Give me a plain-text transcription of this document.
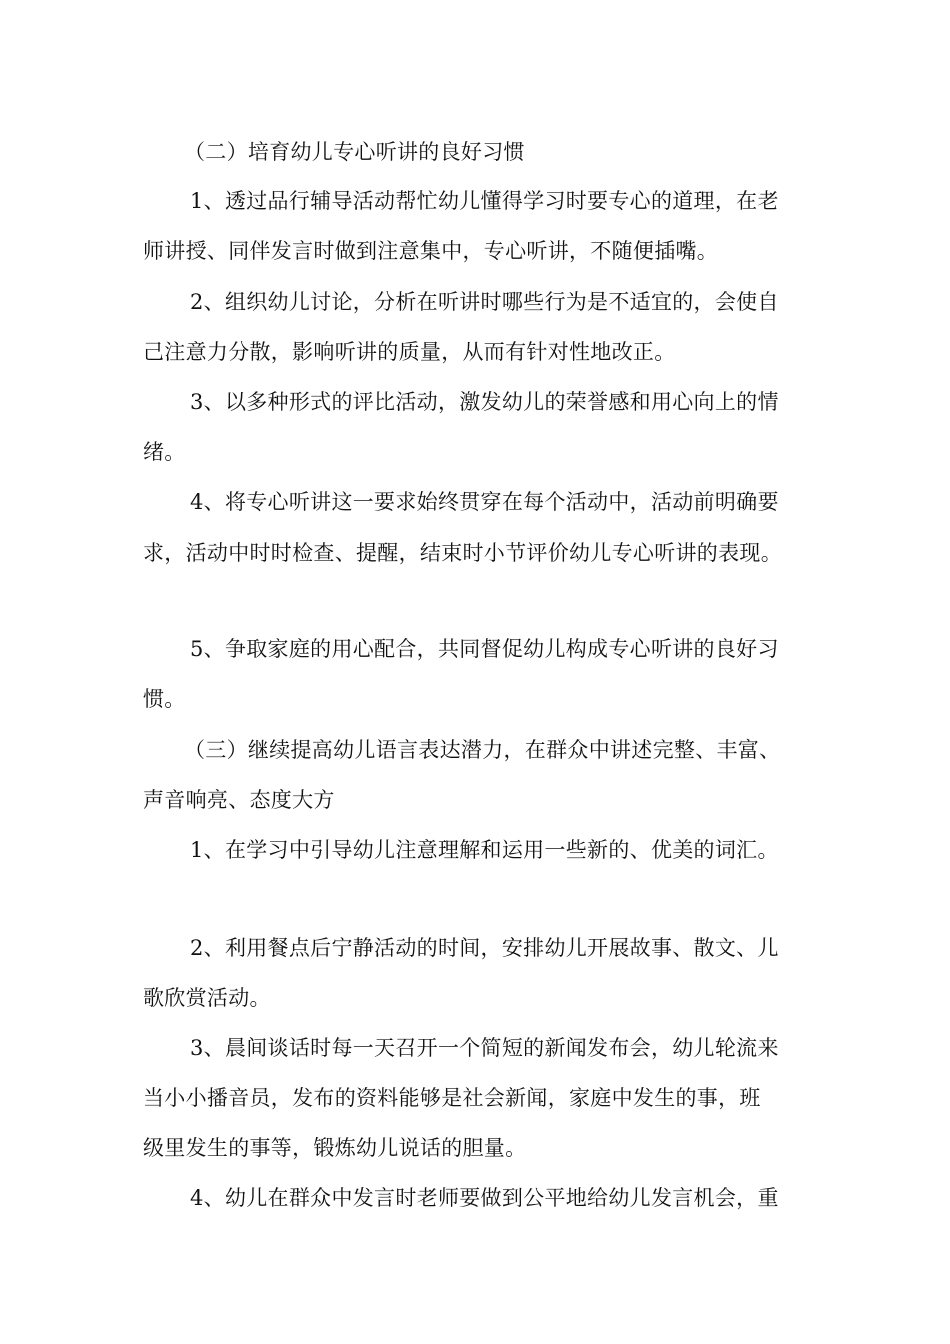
（二）培育幼儿专心听讲的良好习惯
1、透过品行辅导活动帮忙幼儿懂得学习时要专心的道理，在老
师讲授、同伴发言时做到注意集中，专心听讲，不随便插嘴。
2、组织幼儿讨论，分析在听讲时哪些行为是不适宜的，会使自
己注意力分散，影响听讲的质量，从而有针对性地改正。
3、以多种形式的评比活动，激发幼儿的荣誉感和用心向上的情
绪。
4、将专心听讲这一要求始终贯穿在每个活动中，活动前明确要
求，活动中时时检查、提醒，结束时小节评价幼儿专心听讲的表现。
5、争取家庭的用心配合，共同督促幼儿构成专心听讲的良好习
惯。
（三）继续提高幼儿语言表达潜力，在群众中讲述完整、丰富、
声音响亮、态度大方
1、在学习中引导幼儿注意理解和运用一些新的、优美的词汇。
2、利用餐点后宁静活动的时间，安排幼儿开展故事、散文、儿
歌欣赏活动。
3、晨间谈话时每一天召开一个简短的新闻发布会，幼儿轮流来
当小小播音员，发布的资料能够是社会新闻，家庭中发生的事，班
级里发生的事等，锻炼幼儿说话的胆量。
4、幼儿在群众中发言时老师要做到公平地给幼儿发言机会，重
